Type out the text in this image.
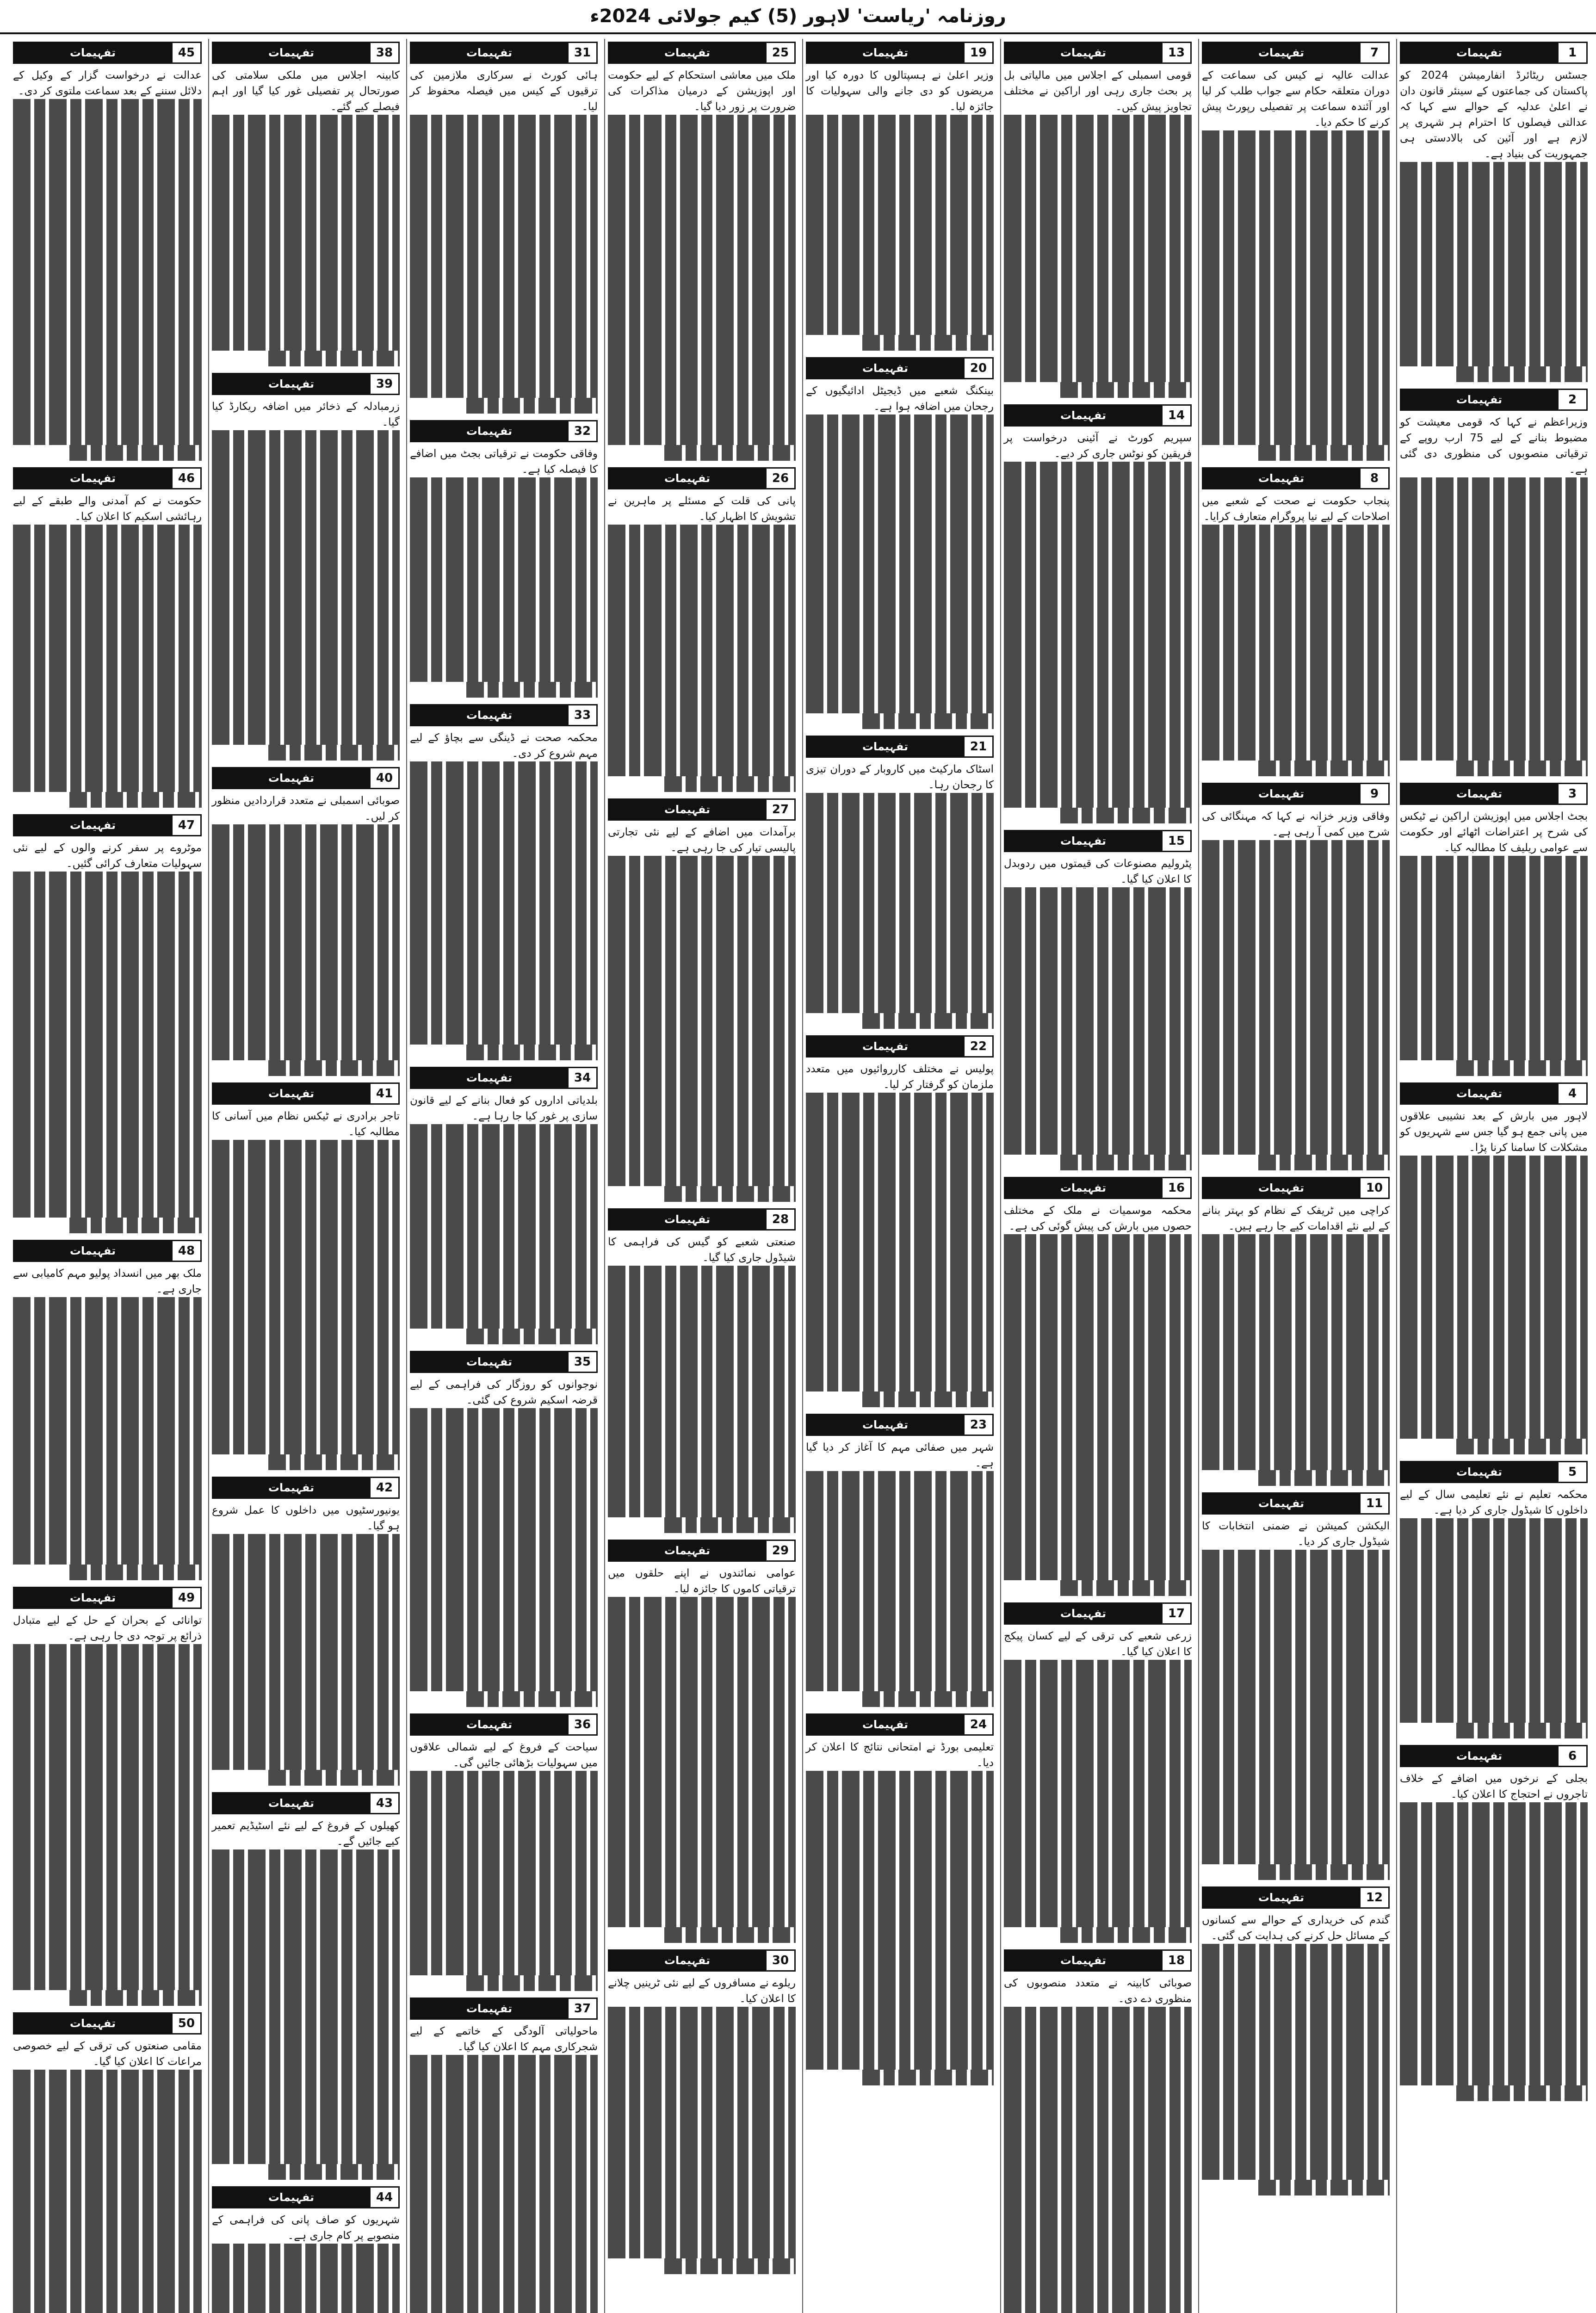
روزنامہ 'ریاست' لاہور (5) کیم جولائی 2024ء
1
تفہیمات
جسٹس ریٹائرڈ انفارمیشن 2024 کو پاکستان کی جماعتوں کے سینئر قانون دان نے اعلیٰ عدلیہ کے حوالے سے کہا کہ عدالتی فیصلوں کا احترام ہر شہری پر لازم ہے اور آئین کی بالادستی ہی جمہوریت کی بنیاد ہے۔
2
تفہیمات
وزیراعظم نے کہا کہ قومی معیشت کو مضبوط بنانے کے لیے 75 ارب روپے کے ترقیاتی منصوبوں کی منظوری دی گئی ہے۔
3
تفہیمات
بجٹ اجلاس میں اپوزیشن اراکین نے ٹیکس کی شرح پر اعتراضات اٹھائے اور حکومت سے عوامی ریلیف کا مطالبہ کیا۔
4
تفہیمات
لاہور میں بارش کے بعد نشیبی علاقوں میں پانی جمع ہو گیا جس سے شہریوں کو مشکلات کا سامنا کرنا پڑا۔
5
تفہیمات
محکمہ تعلیم نے نئے تعلیمی سال کے لیے داخلوں کا شیڈول جاری کر دیا ہے۔
6
تفہیمات
بجلی کے نرخوں میں اضافے کے خلاف تاجروں نے احتجاج کا اعلان کیا۔
7
تفہیمات
عدالت عالیہ نے کیس کی سماعت کے دوران متعلقہ حکام سے جواب طلب کر لیا اور آئندہ سماعت پر تفصیلی رپورٹ پیش کرنے کا حکم دیا۔
8
تفہیمات
پنجاب حکومت نے صحت کے شعبے میں اصلاحات کے لیے نیا پروگرام متعارف کرایا۔
9
تفہیمات
وفاقی وزیر خزانہ نے کہا کہ مہنگائی کی شرح میں کمی آ رہی ہے۔
10
تفہیمات
کراچی میں ٹریفک کے نظام کو بہتر بنانے کے لیے نئے اقدامات کیے جا رہے ہیں۔
11
تفہیمات
الیکشن کمیشن نے ضمنی انتخابات کا شیڈول جاری کر دیا۔
12
تفہیمات
گندم کی خریداری کے حوالے سے کسانوں کے مسائل حل کرنے کی ہدایت کی گئی۔
13
تفہیمات
قومی اسمبلی کے اجلاس میں مالیاتی بل پر بحث جاری رہی اور اراکین نے مختلف تجاویز پیش کیں۔
14
تفہیمات
سپریم کورٹ نے آئینی درخواست پر فریقین کو نوٹس جاری کر دیے۔
15
تفہیمات
پٹرولیم مصنوعات کی قیمتوں میں ردوبدل کا اعلان کیا گیا۔
16
تفہیمات
محکمہ موسمیات نے ملک کے مختلف حصوں میں بارش کی پیش گوئی کی ہے۔
17
تفہیمات
زرعی شعبے کی ترقی کے لیے کسان پیکج کا اعلان کیا گیا۔
18
تفہیمات
صوبائی کابینہ نے متعدد منصوبوں کی منظوری دے دی۔
19
تفہیمات
وزیر اعلیٰ نے ہسپتالوں کا دورہ کیا اور مریضوں کو دی جانے والی سہولیات کا جائزہ لیا۔
20
تفہیمات
بینکنگ شعبے میں ڈیجیٹل ادائیگیوں کے رجحان میں اضافہ ہوا ہے۔
21
تفہیمات
اسٹاک مارکیٹ میں کاروبار کے دوران تیزی کا رجحان رہا۔
22
تفہیمات
پولیس نے مختلف کارروائیوں میں متعدد ملزمان کو گرفتار کر لیا۔
23
تفہیمات
شہر میں صفائی مہم کا آغاز کر دیا گیا ہے۔
24
تفہیمات
تعلیمی بورڈ نے امتحانی نتائج کا اعلان کر دیا۔
25
تفہیمات
ملک میں معاشی استحکام کے لیے حکومت اور اپوزیشن کے درمیان مذاکرات کی ضرورت پر زور دیا گیا۔
26
تفہیمات
پانی کی قلت کے مسئلے پر ماہرین نے تشویش کا اظہار کیا۔
27
تفہیمات
برآمدات میں اضافے کے لیے نئی تجارتی پالیسی تیار کی جا رہی ہے۔
28
تفہیمات
صنعتی شعبے کو گیس کی فراہمی کا شیڈول جاری کیا گیا۔
29
تفہیمات
عوامی نمائندوں نے اپنے حلقوں میں ترقیاتی کاموں کا جائزہ لیا۔
30
تفہیمات
ریلوے نے مسافروں کے لیے نئی ٹرینیں چلانے کا اعلان کیا۔
31
تفہیمات
ہائی کورٹ نے سرکاری ملازمین کی ترقیوں کے کیس میں فیصلہ محفوظ کر لیا۔
32
تفہیمات
وفاقی حکومت نے ترقیاتی بجٹ میں اضافے کا فیصلہ کیا ہے۔
33
تفہیمات
محکمہ صحت نے ڈینگی سے بچاؤ کے لیے مہم شروع کر دی۔
34
تفہیمات
بلدیاتی اداروں کو فعال بنانے کے لیے قانون سازی پر غور کیا جا رہا ہے۔
35
تفہیمات
نوجوانوں کو روزگار کی فراہمی کے لیے قرضہ اسکیم شروع کی گئی۔
36
تفہیمات
سیاحت کے فروغ کے لیے شمالی علاقوں میں سہولیات بڑھائی جائیں گی۔
37
تفہیمات
ماحولیاتی آلودگی کے خاتمے کے لیے شجرکاری مہم کا اعلان کیا گیا۔
38
تفہیمات
کابینہ اجلاس میں ملکی سلامتی کی صورتحال پر تفصیلی غور کیا گیا اور اہم فیصلے کیے گئے۔
39
تفہیمات
زرمبادلہ کے ذخائر میں اضافہ ریکارڈ کیا گیا۔
40
تفہیمات
صوبائی اسمبلی نے متعدد قراردادیں منظور کر لیں۔
41
تفہیمات
تاجر برادری نے ٹیکس نظام میں آسانی کا مطالبہ کیا۔
42
تفہیمات
یونیورسٹیوں میں داخلوں کا عمل شروع ہو گیا۔
43
تفہیمات
کھیلوں کے فروغ کے لیے نئے اسٹیڈیم تعمیر کیے جائیں گے۔
44
تفہیمات
شہریوں کو صاف پانی کی فراہمی کے منصوبے پر کام جاری ہے۔
45
تفہیمات
عدالت نے درخواست گزار کے وکیل کے دلائل سننے کے بعد سماعت ملتوی کر دی۔
46
تفہیمات
حکومت نے کم آمدنی والے طبقے کے لیے رہائشی اسکیم کا اعلان کیا۔
47
تفہیمات
موٹروے پر سفر کرنے والوں کے لیے نئی سہولیات متعارف کرائی گئیں۔
48
تفہیمات
ملک بھر میں انسداد پولیو مہم کامیابی سے جاری ہے۔
49
تفہیمات
توانائی کے بحران کے حل کے لیے متبادل ذرائع پر توجہ دی جا رہی ہے۔
50
تفہیمات
مقامی صنعتوں کی ترقی کے لیے خصوصی مراعات کا اعلان کیا گیا۔
